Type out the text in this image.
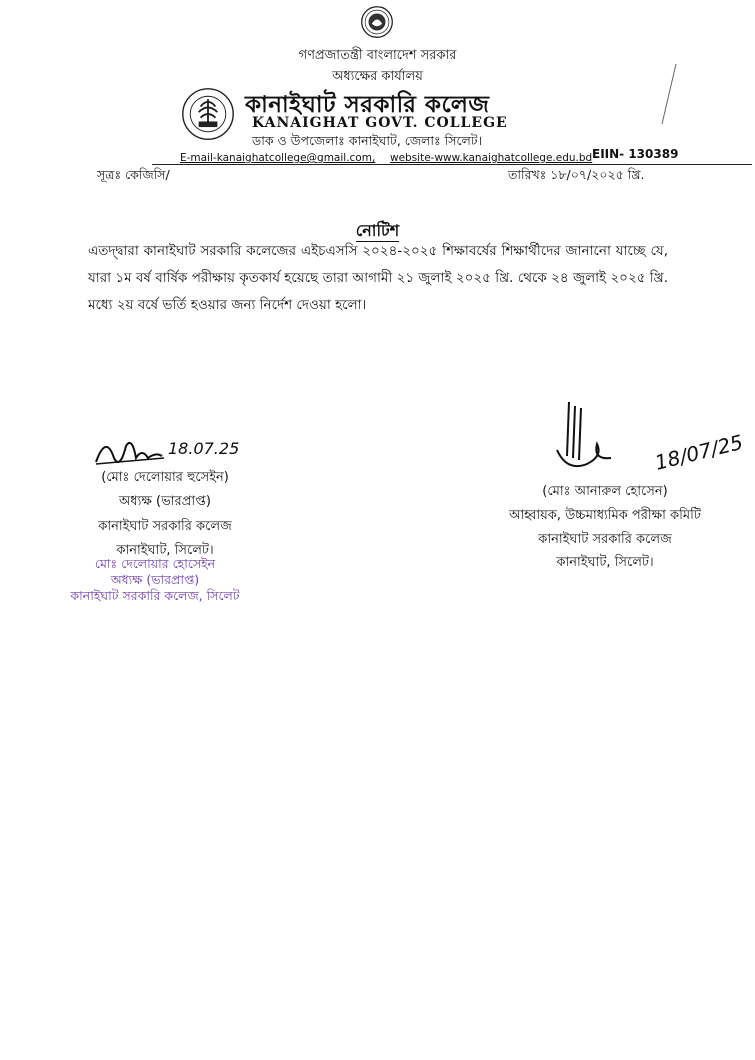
গণপ্রজাতন্ত্রী বাংলাদেশ সরকার
অধ্যক্ষের কার্যালয়
কানাইঘাট সরকারি কলেজ
KANAIGHAT GOVT. COLLEGE
ডাক ও উপজেলাঃ কানাইঘাট, জেলাঃ সিলেট।
E-mail-kanaighatcollege@gmail.com, website-www.kanaighatcollege.edu.bd EIIN- 130389
সূত্রঃ কেজিসি/	তারিখঃ ১৮/০৭/২০২৫ খ্রি.
নোটিশ
এতদ্দ্বারা কানাইঘাট সরকারি কলেজের এইচএসসি ২০২৪-২০২৫ শিক্ষাবর্ষের শিক্ষার্থীদের জানানো যাচ্ছে যে, যারা ১ম বর্ষ বার্ষিক পরীক্ষায় কৃতকার্য হয়েছে তারা আগামী ২১ জুলাই ২০২৫ খ্রি. থেকে ২৪ জুলাই ২০২৫ খ্রি. মধ্যে ২য় বর্ষে ভর্তি হওয়ার জন্য নির্দেশ দেওয়া হলো।
18.07.25
(মোঃ দেলোয়ার হুসেইন)
অধ্যক্ষ (ভারপ্রাপ্ত)
কানাইঘাট সরকারি কলেজ
কানাইঘাট, সিলেট।
মোঃ দেলোয়ার হোসেইন
অধ্যক্ষ (ভারপ্রাপ্ত)
কানাইঘাট সরকারি কলেজ, সিলেট
18/07/25
(মোঃ আনারুল হোসেন)
আহ্বায়ক, উচ্চমাধ্যমিক পরীক্ষা কমিটি
কানাইঘাট সরকারি কলেজ
কানাইঘাট, সিলেট।
